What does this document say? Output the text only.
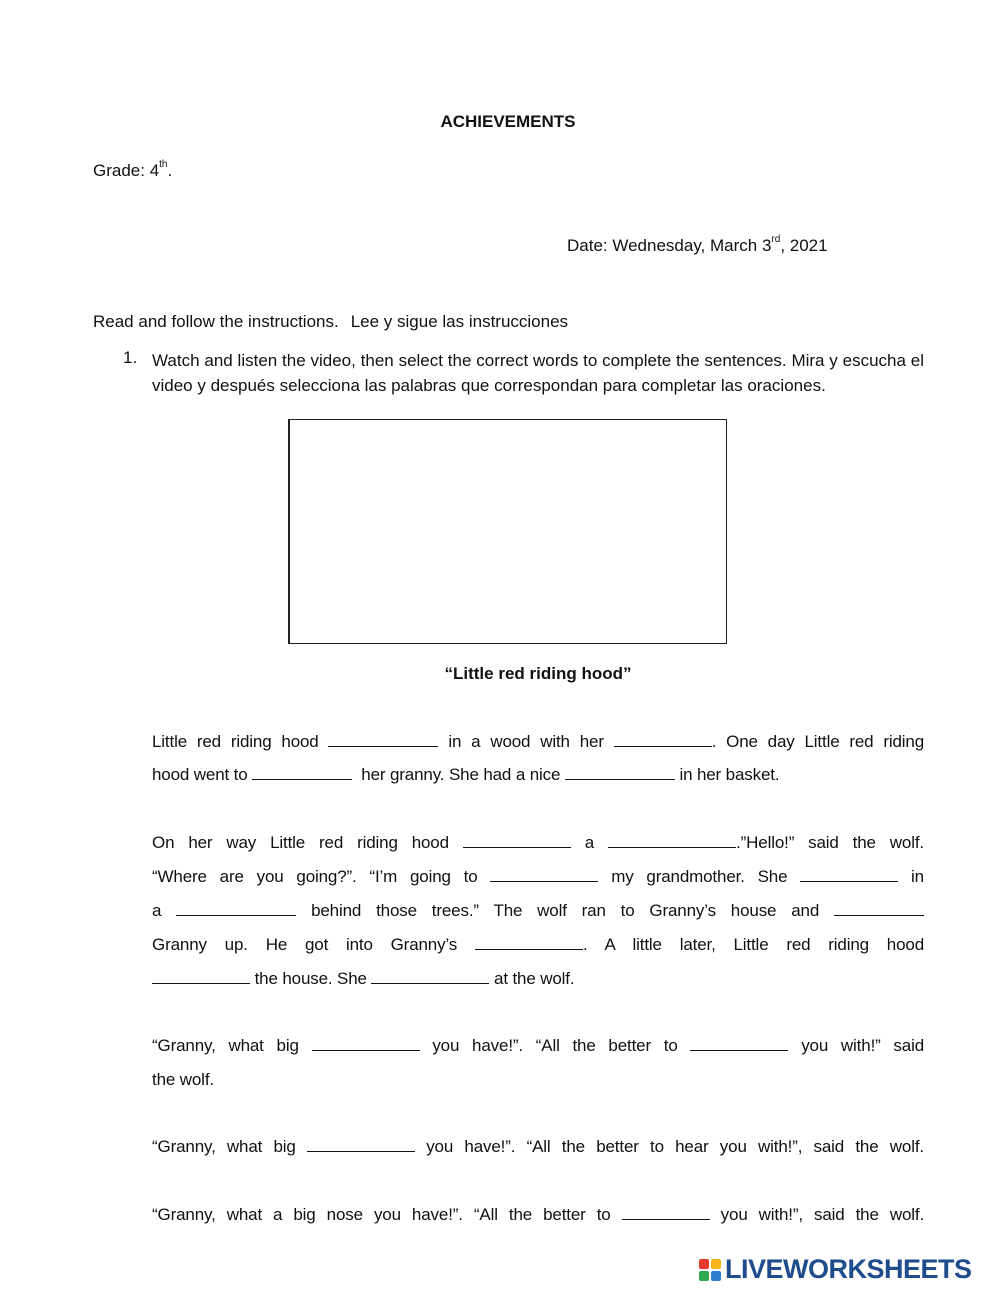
ACHIEVEMENTS
Grade: 4th.
Date: Wednesday, March 3rd, 2021
Read and follow the instructions. Lee y sigue las instrucciones
1. Watch and listen the video, then select the correct words to complete the sentences. Mira y escucha el video y después selecciona las palabras que correspondan para completar las oraciones.
“Little red riding hood”
Little red riding hood	in a wood with her	. One day Little red riding
hood went to	her granny. She had a nice	in her basket.
On her way Little red riding hood	a	.”Hello!” said the wolf.
“Where are you going?”. “I’m going to	my grandmother. She	in
a	behind those trees.” The wolf ran to Granny’s house and
Granny up. He got into Granny’s	. A little later, Little red riding hood
the house. She	at the wolf.
“Granny, what big	you have!”. “All the better to	you with!” said
the wolf.
“Granny, what big	you have!”. “All the better to hear you with!”, said the wolf.
“Granny, what a big nose you have!”. “All the better to	you with!”, said the wolf.
LIVEWORKSHEETS
